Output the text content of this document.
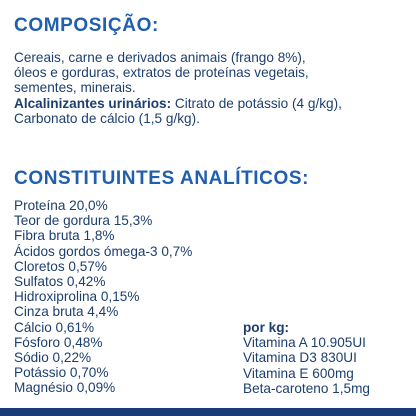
COMPOSIÇÃO:
Cereais, carne e derivados animais (frango 8%),
óleos e gorduras, extratos de proteínas vegetais,
sementes, minerais.
Alcalinizantes urinários: Citrato de potássio (4 g/kg),
Carbonato de cálcio (1,5 g/kg).
CONSTITUINTES ANALÍTICOS:
Proteína 20,0%
Teor de gordura 15,3%
Fibra bruta 1,8%
Ácidos gordos ómega-3 0,7%
Cloretos 0,57%
Sulfatos 0,42%
Hidroxiprolina 0,15%
Cinza bruta 4,4%
Cálcio 0,61%
Fósforo 0,48%
Sódio 0,22%
Potássio 0,70%
Magnésio 0,09%
por kg:
Vitamina A 10.905UI
Vitamina D3 830UI
Vitamina E 600mg
Beta-caroteno 1,5mg
